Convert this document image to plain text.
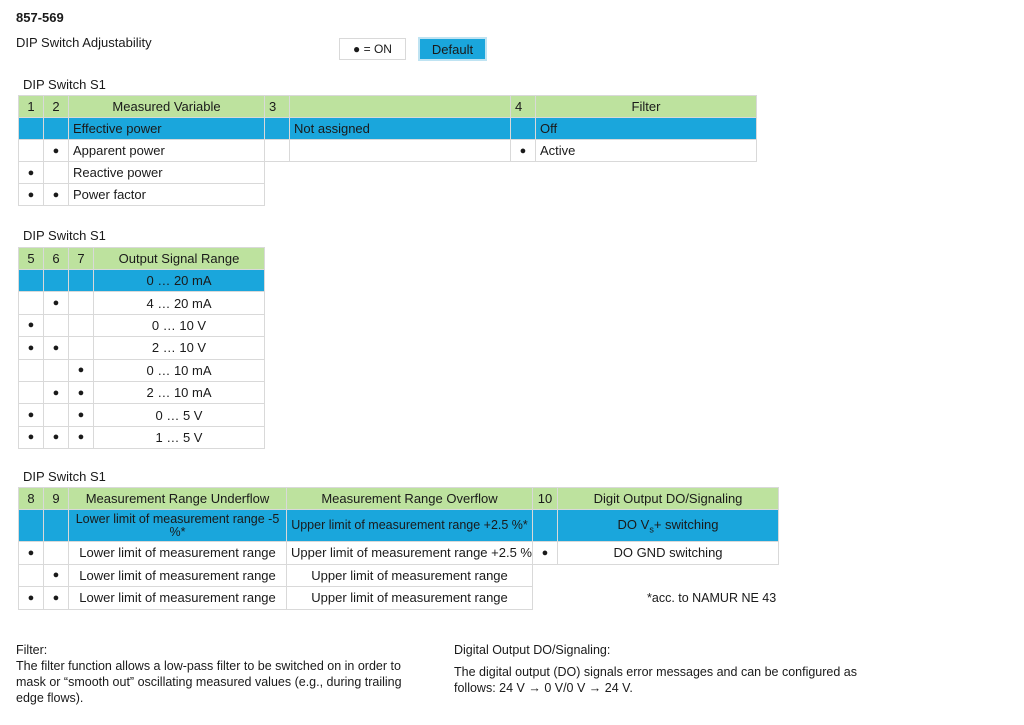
857-569
DIP Switch Adjustability	● = ON	Default
DIP Switch S1
1	2	Measured Variable	3		4	Filter
		Effective power		Not assigned		Off
	●	Apparent power			●	Active
●		Reactive power				
●	●	Power factor				
DIP Switch S1
5	6	7	Output Signal Range
			0 … 20 mA
	●		4 … 20 mA
●			0 … 10 V
●	●		2 … 10 V
		●	0 … 10 mA
	●	●	2 … 10 mA
●		●	0 … 5 V
●	●	●	1 … 5 V
DIP Switch S1
8	9	Measurement Range Underflow	Measurement Range Overflow	10	Digit Output DO/Signaling
		Lower limit of measurement range -5 %*	Upper limit of measurement range +2.5 %*		DO $V_s+$ switching
●		Lower limit of measurement range	Upper limit of measurement range +2.5 %	●	DO GND switching
	●	Lower limit of measurement range	Upper limit of measurement range		
●	●	Lower limit of measurement range	Upper limit of measurement range			*acc. to NAMUR NE 43
Filter:
The filter function allows a low-pass filter to be switched on in order to mask or “smooth out” oscillating measured values (e.g., during trailing edge flows).
Digital Output DO/Signaling:
The digital output (DO) signals error messages and can be configured as follows: 24 V → 0 V/0 V → 24 V.
